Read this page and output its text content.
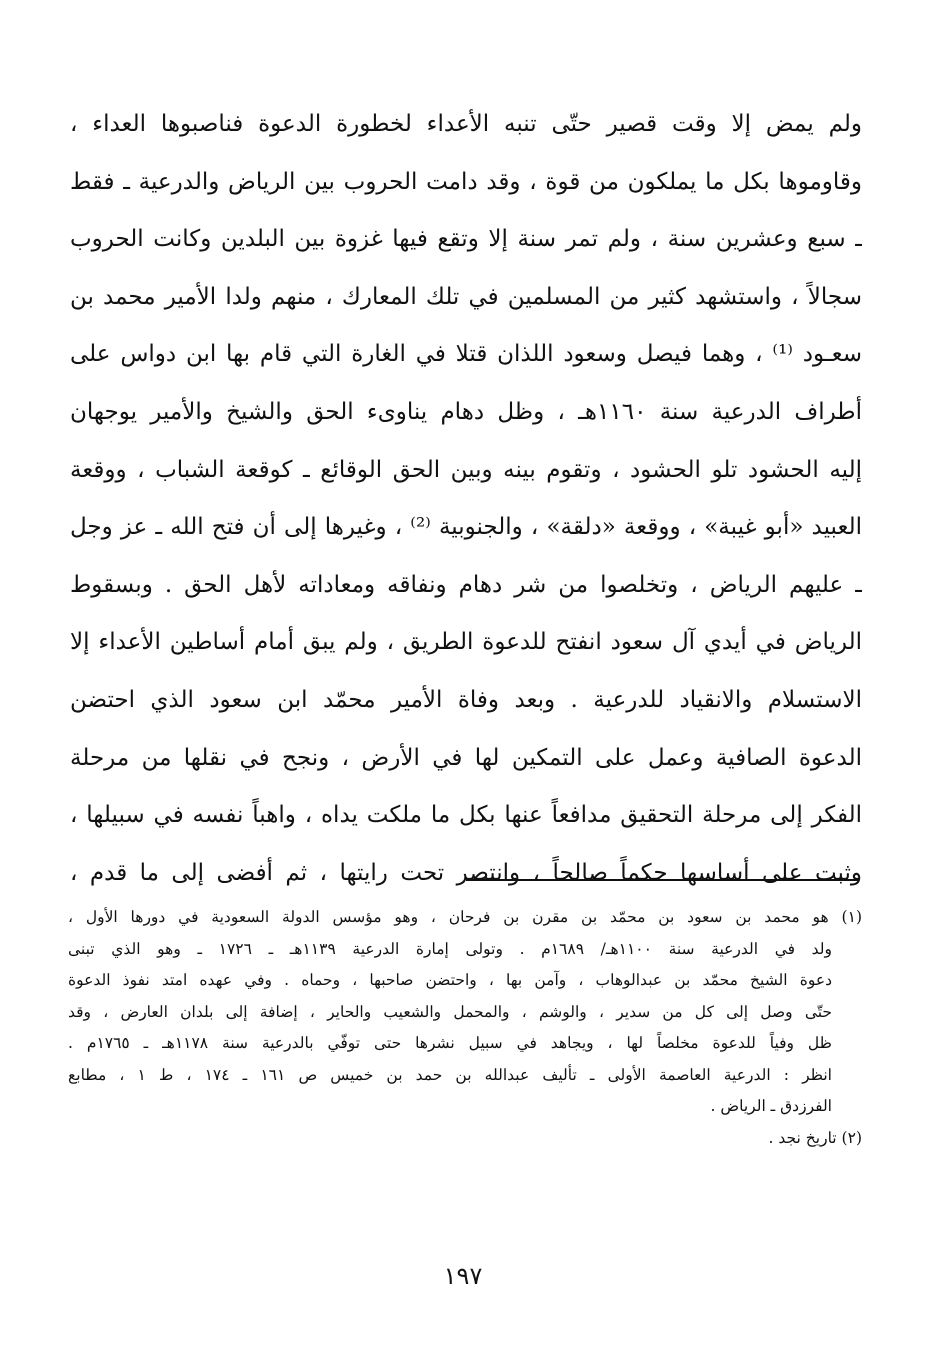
ولم يمض إلا وقت قصير حتّى تنبه الأعداء لخطورة الدعوة فناصبوها العداء ،
وقاوموها بكل ما يملكون من قوة ، وقد دامت الحروب بين الرياض والدرعية ـ فقط
ـ سبع وعشرين سنة ، ولم تمر سنة إلا وتقع فيها غزوة بين البلدين وكانت الحروب
سجالاً ، واستشهد كثير من المسلمين في تلك المعارك ، منهم ولدا الأمير محمد بن
سعـود ⁽¹⁾ ، وهما فيصل وسعود اللذان قتلا في الغارة التي قام بها ابن دواس على
أطراف الدرعية سنة ١١٦٠هـ ، وظل دهام يناوىء الحق والشيخ والأمير يوجهان
إليه الحشود تلو الحشود ، وتقوم بينه وبين الحق الوقائع ـ كوقعة الشباب ، ووقعة
العبيد «أبو غيبة» ، ووقعة «دلقة» ، والجنوبية ⁽²⁾ ، وغيرها إلى أن فتح الله ـ عز وجل
ـ عليهم الرياض ، وتخلصوا من شر دهام ونفاقه ومعاداته لأهل الحق . وبسقوط
الرياض في أيدي آل سعود انفتح للدعوة الطريق ، ولم يبق أمام أساطين الأعداء إلا
الاستسلام والانقياد للدرعية . وبعد وفاة الأمير محمّد ابن سعود الذي احتضن
الدعوة الصافية وعمل على التمكين لها في الأرض ، ونجح في نقلها من مرحلة
الفكر إلى مرحلة التحقيق مدافعاً عنها بكل ما ملكت يداه ، واهباً نفسه في سبيلها ،
وثبت على أساسها حكماً صالحاً ، وانتصر تحت رايتها ، ثم أفضى إلى ما قدم ،
(١) هو محمد بن سعود بن محمّد بن مقرن بن فرحان ، وهو مؤسس الدولة السعودية في دورها الأول ،
ولد في الدرعية سنة ١١٠٠هـ/ ١٦٨٩م . وتولى إمارة الدرعية ١١٣٩هـ ـ ١٧٢٦ ـ وهو الذي تبنى
دعوة الشيخ محمّد بن عبدالوهاب ، وآمن بها ، واحتضن صاحبها ، وحماه . وفي عهده امتد نفوذ الدعوة
حتّى وصل إلى كل من سدير ، والوشم ، والمحمل والشعيب والحاير ، إضافة إلى بلدان العارض ، وقد
ظل وفياً للدعوة مخلصاً لها ، ويجاهد في سبيل نشرها حتى توفّي بالدرعية سنة ١١٧٨هـ ـ ١٧٦٥م .
انظر : الدرعية العاصمة الأولى ـ تأليف عبدالله بن حمد بن خميس ص ١٦١ ـ ١٧٤ ، ط ١ ، مطابع
الفرزدق ـ الرياض .
(٢) تاريخ نجد .
١٩٧
